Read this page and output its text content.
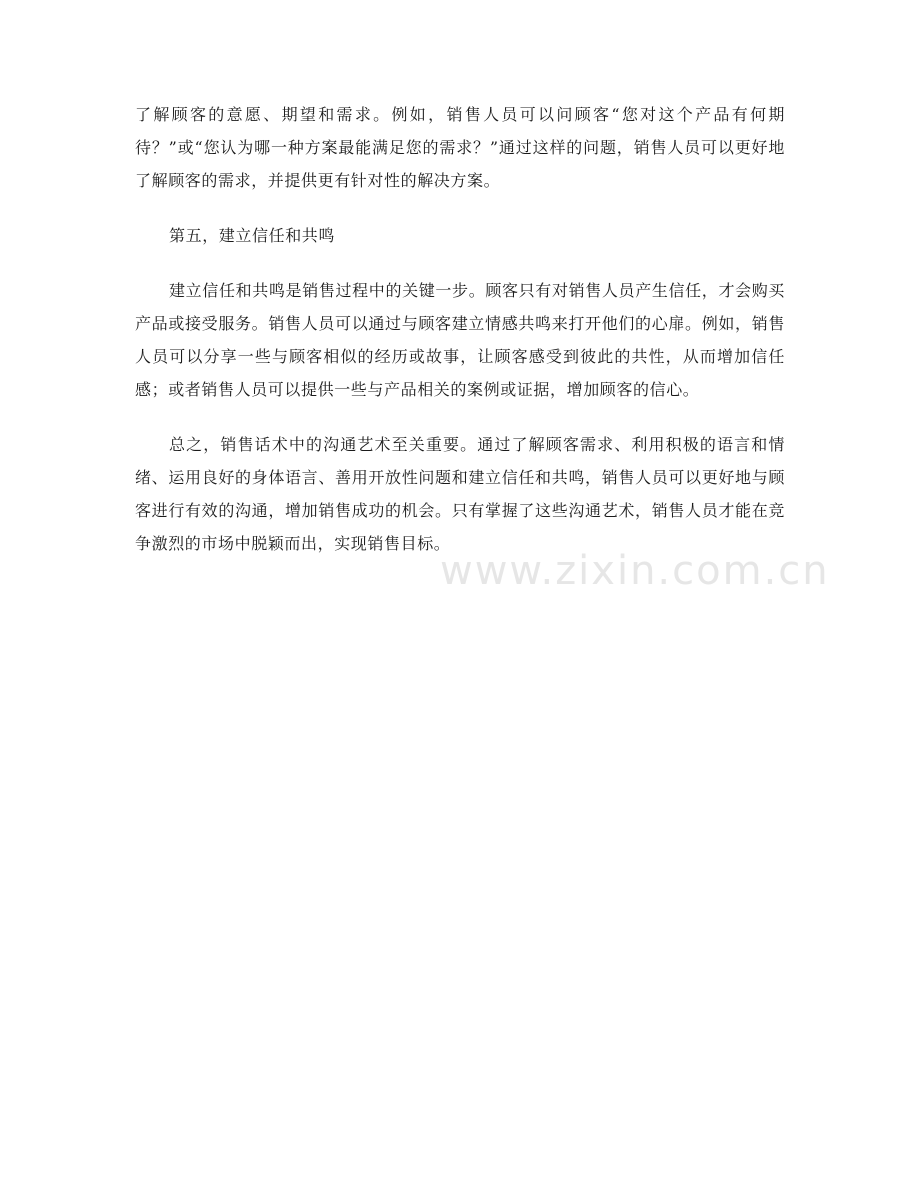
了解顾客的意愿、期望和需求。例如，销售人员可以问顾客“您对这个产品有何期待？”或“您认为哪一种方案最能满足您的需求？”通过这样的问题，销售人员可以更好地了解顾客的需求，并提供更有针对性的解决方案。

第五，建立信任和共鸣

建立信任和共鸣是销售过程中的关键一步。顾客只有对销售人员产生信任，才会购买产品或接受服务。销售人员可以通过与顾客建立情感共鸣来打开他们的心扉。例如，销售人员可以分享一些与顾客相似的经历或故事，让顾客感受到彼此的共性，从而增加信任感；或者销售人员可以提供一些与产品相关的案例或证据，增加顾客的信心。

总之，销售话术中的沟通艺术至关重要。通过了解顾客需求、利用积极的语言和情绪、运用良好的身体语言、善用开放性问题和建立信任和共鸣，销售人员可以更好地与顾客进行有效的沟通，增加销售成功的机会。只有掌握了这些沟通艺术，销售人员才能在竞争激烈的市场中脱颖而出，实现销售目标。

www.zixin.com.cn
